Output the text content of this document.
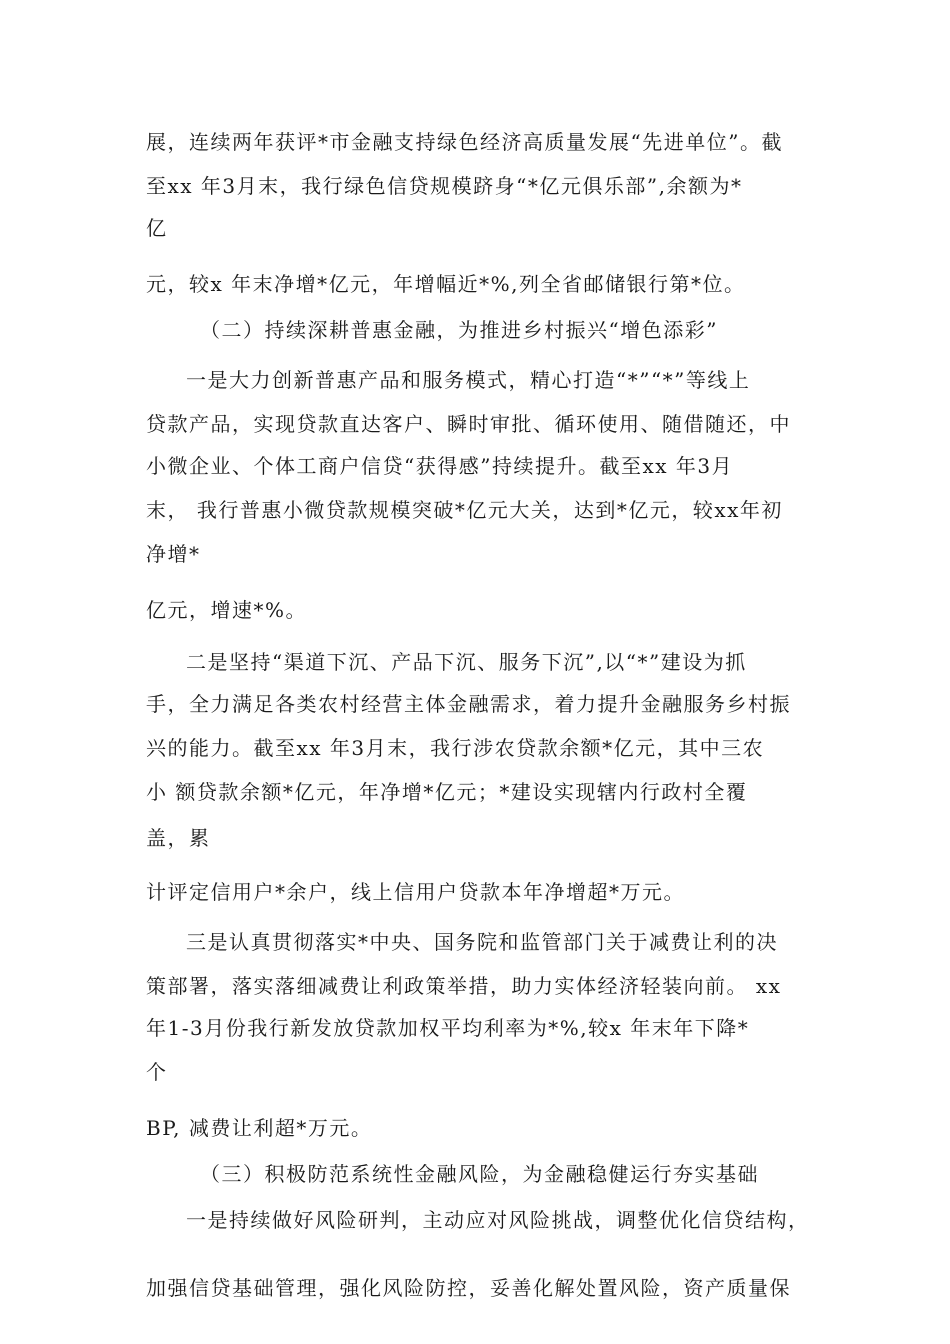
展，连续两年获评*市金融支持绿色经济高质量发展“先进单位”。截
至xx 年3月末，我行绿色信贷规模跻身“*亿元俱乐部”,余额为*
亿
元，较x 年末净增*亿元，年增幅近*%,列全省邮储银行第*位。
（二）持续深耕普惠金融，为推进乡村振兴“增色添彩”
一是大力创新普惠产品和服务模式，精心打造“*”“*”等线上
贷款产品，实现贷款直达客户、瞬时审批、循环使用、随借随还，中
小微企业、个体工商户信贷“获得感”持续提升。截至xx 年3月
末， 我行普惠小微贷款规模突破*亿元大关，达到*亿元，较xx年初
净增*
亿元，增速*%。
二是坚持“渠道下沉、产品下沉、服务下沉”,以“*”建设为抓
手，全力满足各类农村经营主体金融需求，着力提升金融服务乡村振
兴的能力。截至xx 年3月末，我行涉农贷款余额*亿元，其中三农
小 额贷款余额*亿元，年净增*亿元；*建设实现辖内行政村全覆
盖，累
计评定信用户*余户，线上信用户贷款本年净增超*万元。
三是认真贯彻落实*中央、国务院和监管部门关于减费让利的决
策部署，落实落细减费让利政策举措，助力实体经济轻装向前。 xx
年1-3月份我行新发放贷款加权平均利率为*%,较x 年末年下降*
个
BP, 减费让利超*万元。
（三）积极防范系统性金融风险，为金融稳健运行夯实基础
一是持续做好风险研判，主动应对风险挑战，调整优化信贷结构，
加强信贷基础管理，强化风险防控，妥善化解处置风险，资产质量保
